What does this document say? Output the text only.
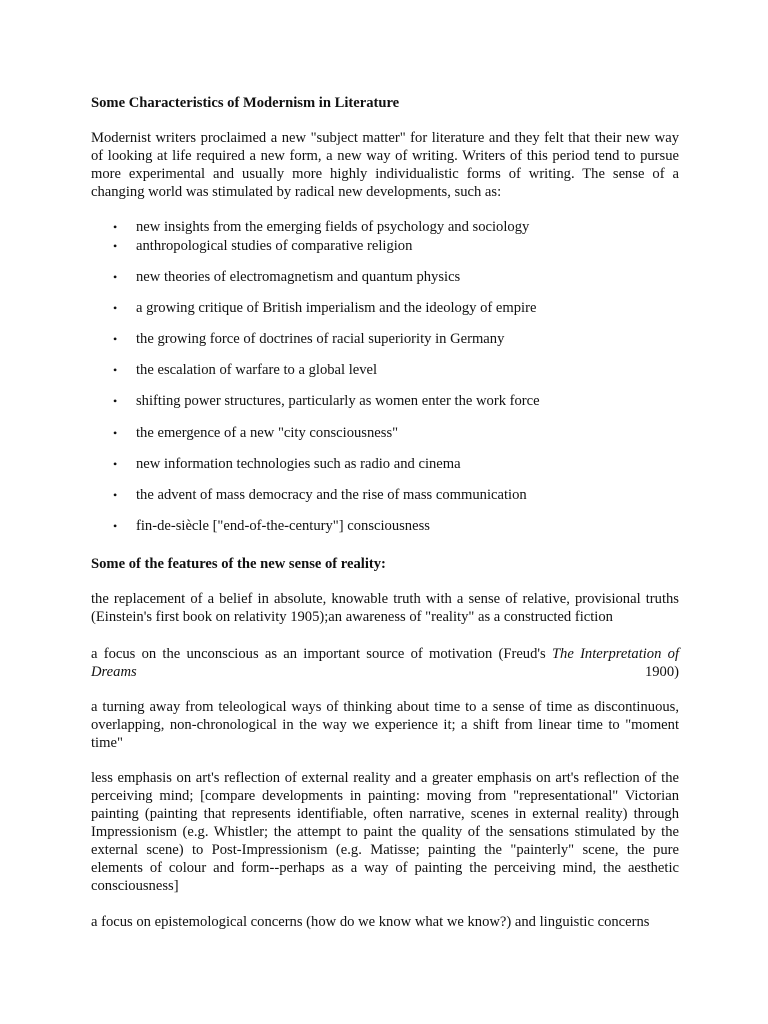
Some Characteristics of Modernism in Literature

Modernist writers proclaimed a new "subject matter" for literature and they felt that their new way of looking at life required a new form, a new way of writing. Writers of this period tend to pursue more experimental and usually more highly individualistic forms of writing. The sense of a changing world was stimulated by radical new developments, such as:

• new insights from the emerging fields of psychology and sociology
• anthropological studies of comparative religion
• new theories of electromagnetism and quantum physics
• a growing critique of British imperialism and the ideology of empire
• the growing force of doctrines of racial superiority in Germany
• the escalation of warfare to a global level
• shifting power structures, particularly as women enter the work force
• the emergence of a new "city consciousness"
• new information technologies such as radio and cinema
• the advent of mass democracy and the rise of mass communication
• fin-de-siècle ["end-of-the-century"] consciousness

Some of the features of the new sense of reality:

the replacement of a belief in absolute, knowable truth with a sense of relative, provisional truths (Einstein's first book on relativity 1905);an awareness of "reality" as a constructed fiction

a focus on the unconscious as an important source of motivation (Freud's The Interpretation of Dreams 1900)

a turning away from teleological ways of thinking about time to a sense of time as discontinuous, overlapping, non-chronological in the way we experience it; a shift from linear time to "moment time"

less emphasis on art's reflection of external reality and a greater emphasis on art's reflection of the perceiving mind; [compare developments in painting: moving from "representational" Victorian painting (painting that represents identifiable, often narrative, scenes in external reality) through Impressionism (e.g. Whistler; the attempt to paint the quality of the sensations stimulated by the external scene) to Post-Impressionism (e.g. Matisse; painting the "painterly" scene, the pure elements of colour and form--perhaps as a way of painting the perceiving mind, the aesthetic consciousness]

a focus on epistemological concerns (how do we know what we know?) and linguistic concerns
